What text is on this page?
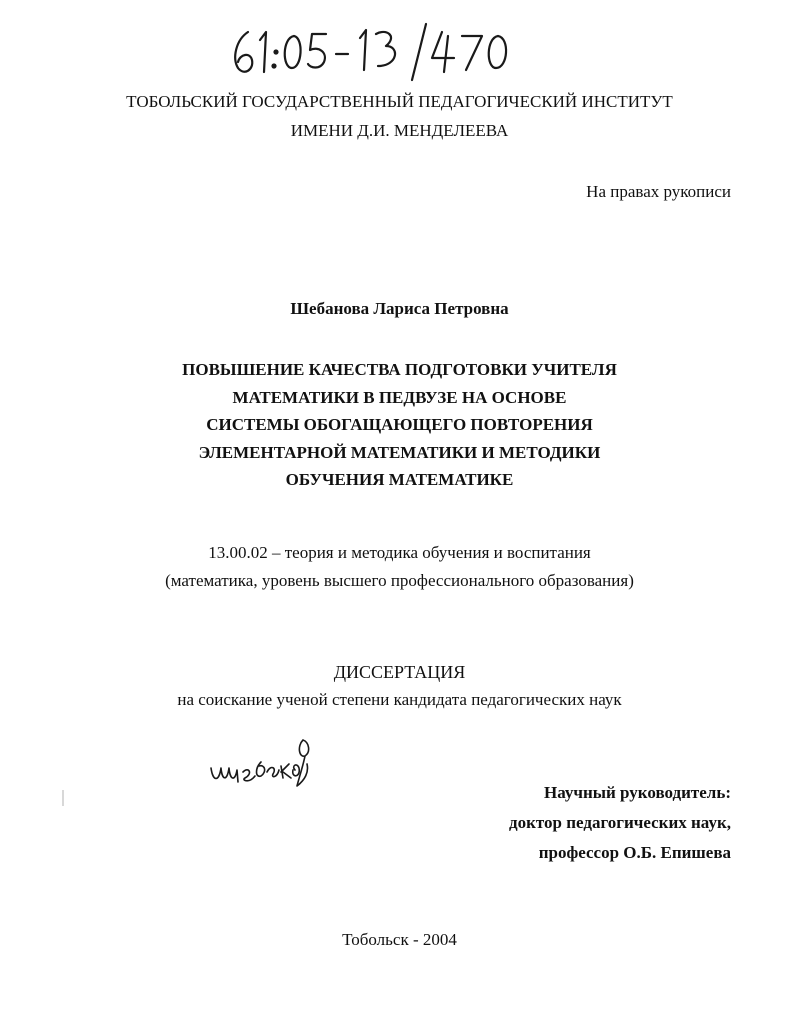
ТОБОЛЬСКИЙ ГОСУДАРСТВЕННЫЙ ПЕДАГОГИЧЕСКИЙ ИНСТИТУТ
ИМЕНИ Д.И. МЕНДЕЛЕЕВА
На правах рукописи
Шебанова Лариса Петровна
ПОВЫШЕНИЕ КАЧЕСТВА ПОДГОТОВКИ УЧИТЕЛЯ
МАТЕМАТИКИ В ПЕДВУЗЕ НА ОСНОВЕ
СИСТЕМЫ ОБОГАЩАЮЩЕГО ПОВТОРЕНИЯ
ЭЛЕМЕНТАРНОЙ МАТЕМАТИКИ И МЕТОДИКИ
ОБУЧЕНИЯ МАТЕМАТИКЕ
13.00.02 – теория и методика обучения и воспитания
(математика, уровень высшего профессионального образования)
ДИССЕРТАЦИЯ
на соискание ученой степени кандидата педагогических наук
Научный руководитель:
доктор педагогических наук,
профессор О.Б. Епишева
Тобольск - 2004
